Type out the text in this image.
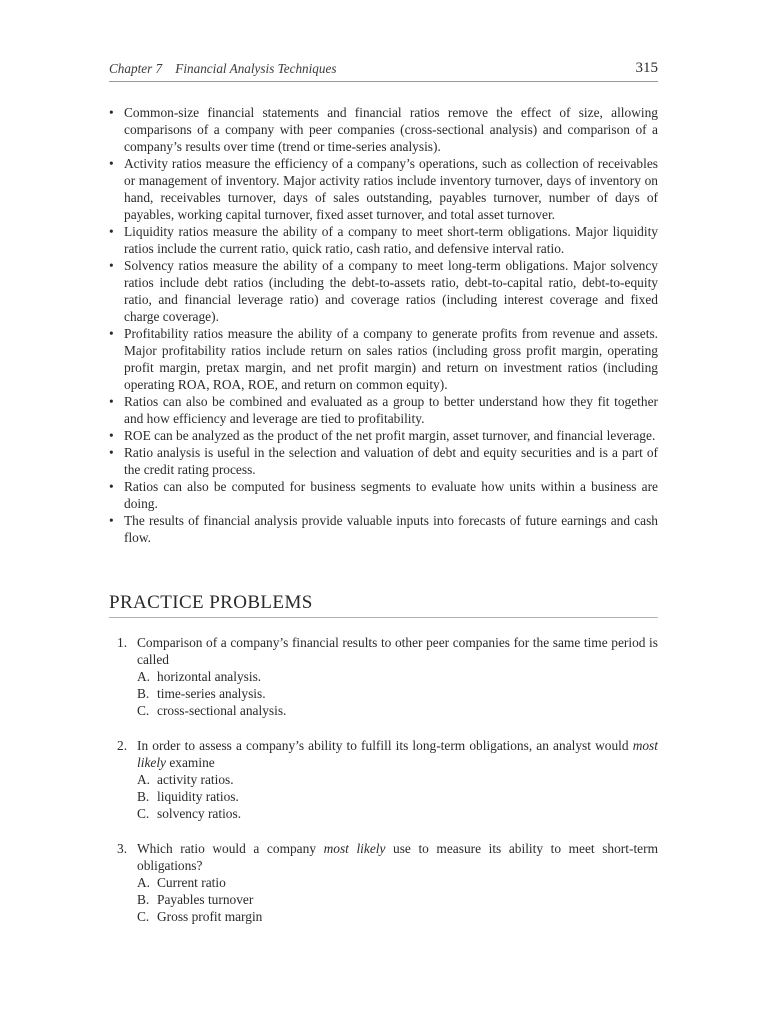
Chapter 7    Financial Analysis Techniques	315
• Common-size financial statements and financial ratios remove the effect of size, allowing comparisons of a company with peer companies (cross-sectional analysis) and comparison of a company’s results over time (trend or time-series analysis).
• Activity ratios measure the efficiency of a company’s operations, such as collection of receivables or management of inventory. Major activity ratios include inventory turnover, days of inventory on hand, receivables turnover, days of sales outstanding, payables turnover, number of days of payables, working capital turnover, fixed asset turnover, and total asset turnover.
• Liquidity ratios measure the ability of a company to meet short-term obligations. Major liquidity ratios include the current ratio, quick ratio, cash ratio, and defensive interval ratio.
• Solvency ratios measure the ability of a company to meet long-term obligations. Major solvency ratios include debt ratios (including the debt-to-assets ratio, debt-to-capital ratio, debt-to-equity ratio, and financial leverage ratio) and coverage ratios (including interest coverage and fixed charge coverage).
• Profitability ratios measure the ability of a company to generate profits from revenue and assets. Major profitability ratios include return on sales ratios (including gross profit margin, operating profit margin, pretax margin, and net profit margin) and return on investment ratios (including operating ROA, ROA, ROE, and return on common equity).
• Ratios can also be combined and evaluated as a group to better understand how they fit together and how efficiency and leverage are tied to profitability.
• ROE can be analyzed as the product of the net profit margin, asset turnover, and financial leverage.
• Ratio analysis is useful in the selection and valuation of debt and equity securities and is a part of the credit rating process.
• Ratios can also be computed for business segments to evaluate how units within a business are doing.
• The results of financial analysis provide valuable inputs into forecasts of future earnings and cash flow.
PRACTICE PROBLEMS
1. Comparison of a company’s financial results to other peer companies for the same time period is called
A. horizontal analysis.
B. time-series analysis.
C. cross-sectional analysis.
2. In order to assess a company’s ability to fulfill its long-term obligations, an analyst would most likely examine
A. activity ratios.
B. liquidity ratios.
C. solvency ratios.
3. Which ratio would a company most likely use to measure its ability to meet short-term obligations?
A. Current ratio
B. Payables turnover
C. Gross profit margin
